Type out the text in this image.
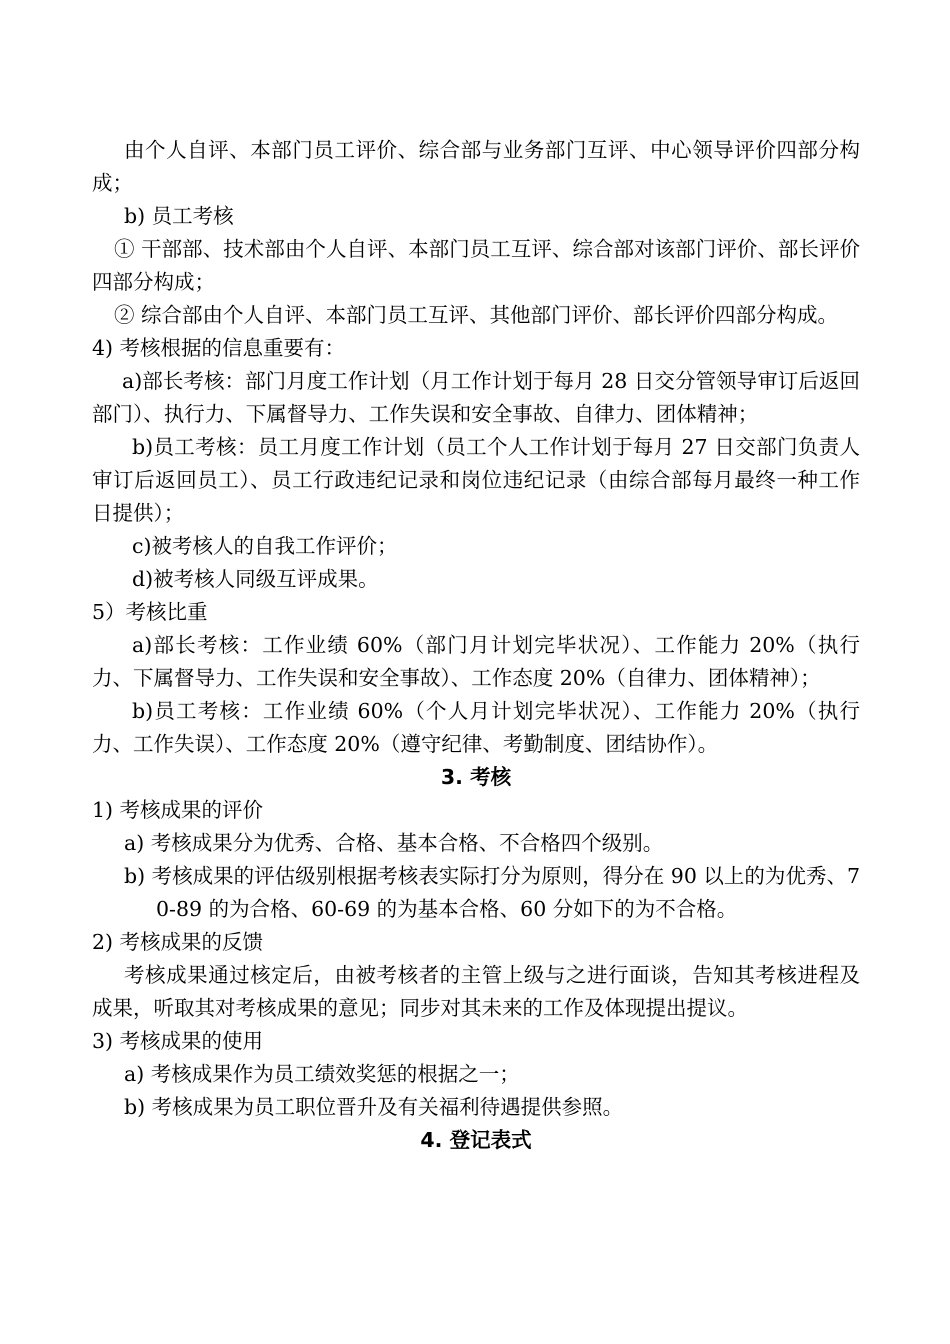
由个人自评、本部门员工评价、综合部与业务部门互评、中心领导评价四部分构成；

b) 员工考核

① 干部部、技术部由个人自评、本部门员工互评、综合部对该部门评价、部长评价四部分构成；

② 综合部由个人自评、本部门员工互评、其他部门评价、部长评价四部分构成。

4) 考核根据的信息重要有：

a)部长考核：部门月度工作计划（月工作计划于每月 28 日交分管领导审订后返回部门）、执行力、下属督导力、工作失误和安全事故、自律力、团体精神；

b)员工考核：员工月度工作计划（员工个人工作计划于每月 27 日交部门负责人审订后返回员工）、员工行政违纪记录和岗位违纪记录（由综合部每月最终一种工作日提供）；

c)被考核人的自我工作评价；

d)被考核人同级互评成果。

5）考核比重

a)部长考核：工作业绩 60%（部门月计划完毕状况）、工作能力 20%（执行力、下属督导力、工作失误和安全事故）、工作态度 20%（自律力、团体精神）；

b)员工考核：工作业绩 60%（个人月计划完毕状况）、工作能力 20%（执行力、工作失误）、工作态度 20%（遵守纪律、考勤制度、团结协作）。

3. 考核

1) 考核成果的评价

a) 考核成果分为优秀、合格、基本合格、不合格四个级别。

b) 考核成果的评估级别根据考核表实际打分为原则，得分在 90 以上的为优秀、70-89 的为合格、60-69 的为基本合格、60 分如下的为不合格。

2) 考核成果的反馈

考核成果通过核定后，由被考核者的主管上级与之进行面谈，告知其考核进程及成果，听取其对考核成果的意见；同步对其未来的工作及体现提出提议。

3) 考核成果的使用

a) 考核成果作为员工绩效奖惩的根据之一；

b) 考核成果为员工职位晋升及有关福利待遇提供参照。

4. 登记表式
